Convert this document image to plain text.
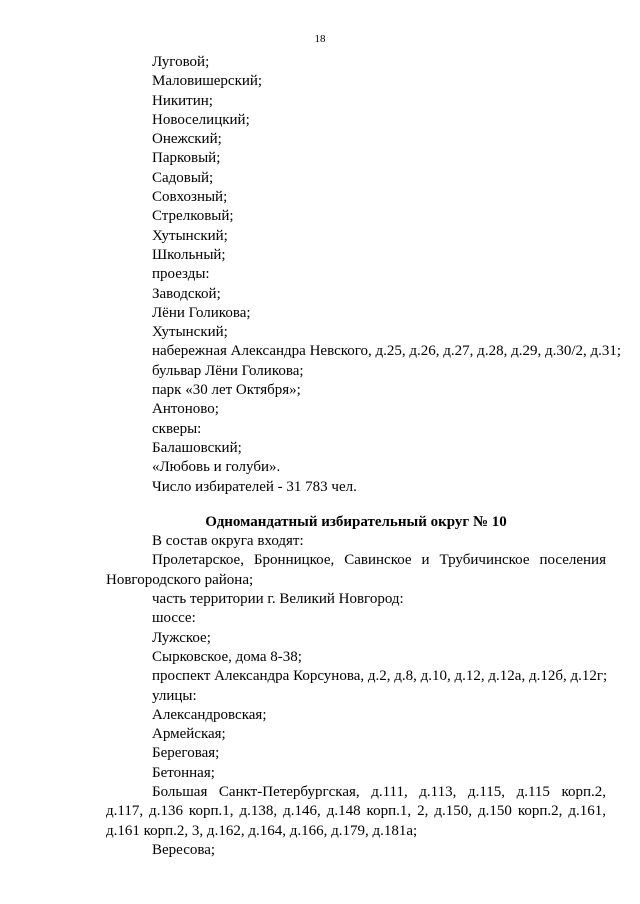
18
Луговой;
Маловишерский;
Никитин;
Новоселицкий;
Онежский;
Парковый;
Садовый;
Совхозный;
Стрелковый;
Хутынский;
Школьный;
проезды:
Заводской;
Лёни Голикова;
Хутынский;
набережная Александра Невского, д.25, д.26, д.27, д.28, д.29, д.30/2, д.31;
бульвар Лёни Голикова;
парк «30 лет Октября»;
Антоново;
скверы:
Балашовский;
«Любовь и голуби».
Число избирателей - 31 783 чел.
Одномандатный избирательный округ № 10
В состав округа входят:
Пролетарское, Бронницкое, Савинское и Трубичинское поселения
Новгородского района;
часть территории г. Великий Новгород:
шоссе:
Лужское;
Сырковское, дома 8-38;
проспект Александра Корсунова, д.2, д.8, д.10, д.12, д.12а, д.12б, д.12г;
улицы:
Александровская;
Армейская;
Береговая;
Бетонная;
Большая Санкт-Петербургская, д.111, д.113, д.115, д.115 корп.2,
д.117, д.136 корп.1, д.138, д.146, д.148 корп.1, 2, д.150, д.150 корп.2, д.161,
д.161 корп.2, 3, д.162, д.164, д.166, д.179, д.181а;
Вересова;
